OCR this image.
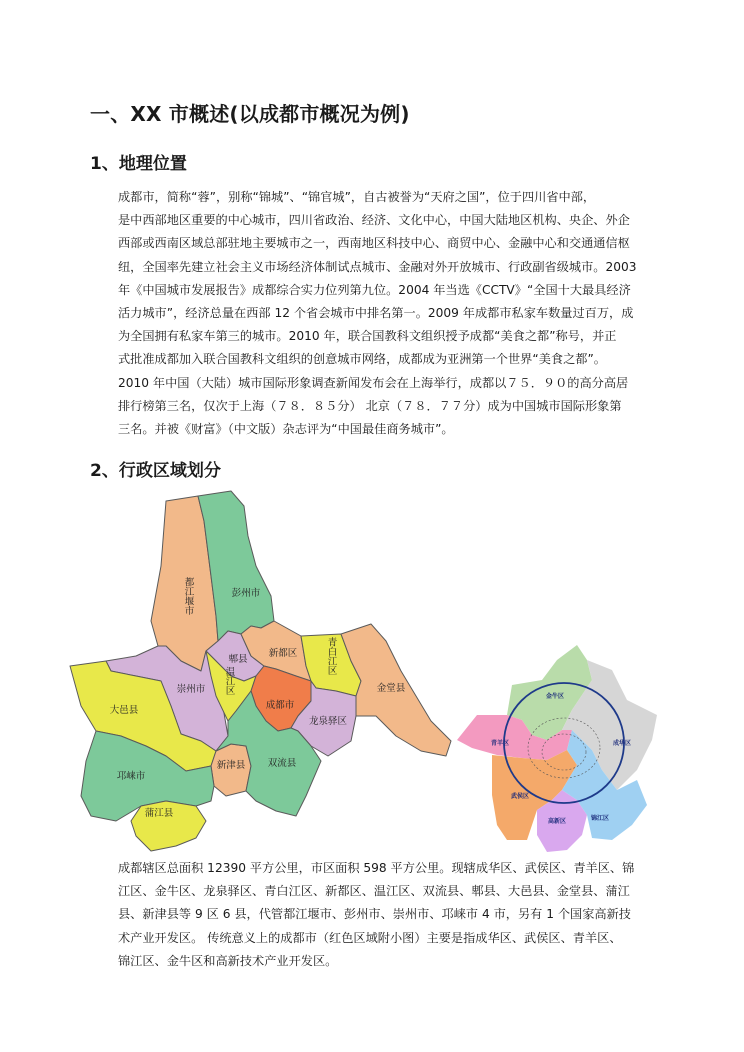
一、XX 市概述(以成都市概况为例)
1、地理位置
成都市，简称“蓉”，别称“锦城”、“锦官城”，自古被誉为“天府之国”，位于四川省中部，
是中西部地区重要的中心城市，四川省政治、经济、文化中心，中国大陆地区机构、央企、外企
西部或西南区域总部驻地主要城市之一，西南地区科技中心、商贸中心、金融中心和交通通信枢
纽，全国率先建立社会主义市场经济体制试点城市、金融对外开放城市、行政副省级城市。2003
年《中国城市发展报告》成都综合实力位列第九位。2004 年当选《CCTV》“全国十大最具经济
活力城市”，经济总量在西部 12 个省会城市中排名第一。2009 年成都市私家车数量过百万，成
为全国拥有私家车第三的城市。2010 年，联合国教科文组织授予成都“美食之都”称号，并正
式批准成都加入联合国教科文组织的创意城市网络，成都成为亚洲第一个世界“美食之都”。
2010 年中国（大陆）城市国际形象调查新闻发布会在上海举行，成都以７５．９０的高分高居
排行榜第三名，仅次于上海（７８．８５分） 北京（７８．７７分）成为中国城市国际形象第
三名。并被《财富》（中文版）杂志评为“中国最佳商务城市”。
2、行政区域划分
都江堰市	彭州市
郫县
新都区	青白江区
金堂县
崇州市 温江区
成都市
龙泉驿区
大邑县
新津县 双流县
邛崃市
蒲江县
金牛区
成华区
青羊区
武侯区
高新区	锦江区
成都辖区总面积 12390 平方公里，市区面积 598 平方公里。现辖成华区、武侯区、青羊区、锦
江区、金牛区、龙泉驿区、青白江区、新都区、温江区、双流县、郫县、大邑县、金堂县、蒲江
县、新津县等 9 区 6 县，代管都江堰市、彭州市、崇州市、邛崃市 4 市，另有 1 个国家高新技
术产业开发区。 传统意义上的成都市（红色区域附小图）主要是指成华区、武侯区、青羊区、
锦江区、金牛区和高新技术产业开发区。
